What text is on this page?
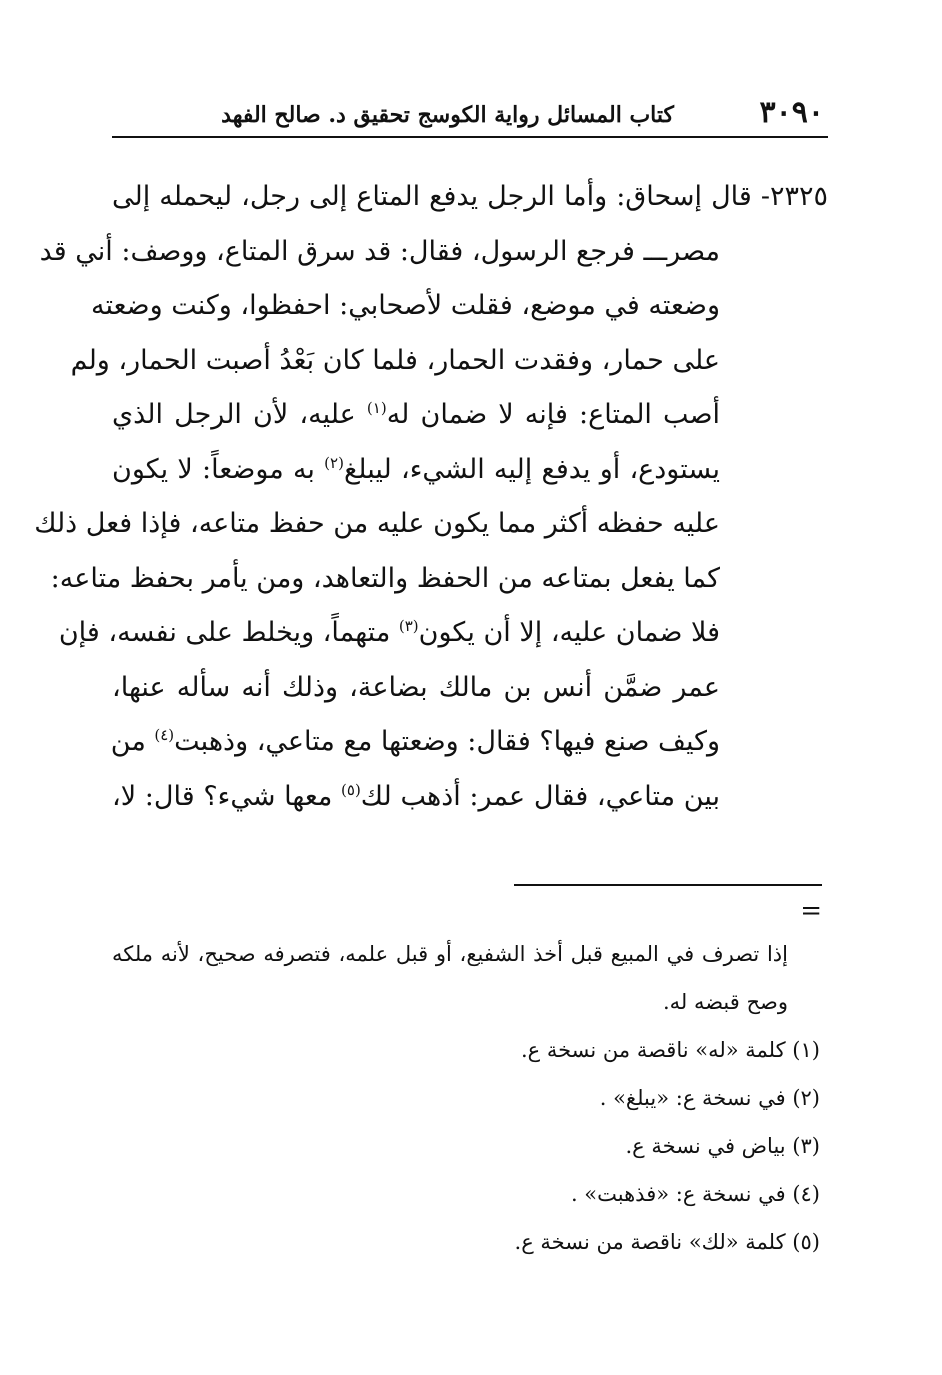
٣٠٩٠
كتاب المسائل رواية الكوسج تحقيق د. صالح الفهد
٢٣٢٥- قال إسحاق: وأما الرجل يدفع المتاع إلى رجل، ليحمله إلى
مصرـــ فرجع الرسول، فقال: قد سرق المتاع، ووصف: أني قد
وضعته في موضع، فقلت لأصحابي: احفظوا، وكنت وضعته
على حمار، وفقدت الحمار، فلما كان بَعْدُ أصبت الحمار، ولم
أصب المتاع: فإنه لا ضمان له$^{(١)}$ عليه، لأن الرجل الذي
يستودع، أو يدفع إليه الشيء، ليبلغ$^{(٢)}$ به موضعاً: لا يكون
عليه حفظه أكثر مما يكون عليه من حفظ متاعه، فإذا فعل ذلك
كما يفعل بمتاعه من الحفظ والتعاهد، ومن يأمر بحفظ متاعه:
فلا ضمان عليه، إلا أن يكون$^{(٣)}$ متهماً، ويخلط على نفسه، فإن
عمر ضمَّن أنس بن مالك بضاعة، وذلك أنه سأله عنها،
وكيف صنع فيها؟ فقال: وضعتها مع متاعي، وذهبت$^{(٤)}$ من
بين متاعي، فقال عمر: أذهب لك$^{(٥)}$ معها شيء؟ قال: لا،
=
إذا تصرف في المبيع قبل أخذ الشفيع، أو قبل علمه، فتصرفه صحيح، لأنه ملكه
وصح قبضه له.
(١) كلمة «له» ناقصة من نسخة ع.
(٢) في نسخة ع: «يبلغ» .
(٣) بياض في نسخة ع.
(٤) في نسخة ع: «فذهبت» .
(٥) كلمة «لك» ناقصة من نسخة ع.
